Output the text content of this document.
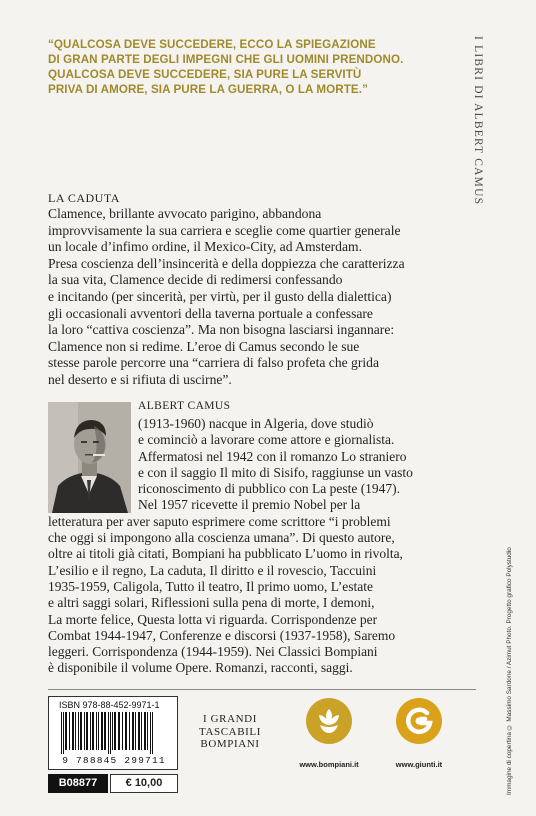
“QUALCOSA DEVE SUCCEDERE, ECCO LA SPIEGAZIONE
DI GRAN PARTE DEGLI IMPEGNI CHE GLI UOMINI PRENDONO.
QUALCOSA DEVE SUCCEDERE, SIA PURE LA SERVITÙ
PRIVA DI AMORE, SIA PURE LA GUERRA, O LA MORTE.”	I LIBRI DI ALBERT CAMUS
LA CADUTA
Clamence, brillante avvocato parigino, abbandona
improvvisamente la sua carriera e sceglie come quartier generale
un locale d’infimo ordine, il Mexico-City, ad Amsterdam.
Presa coscienza dell’insincerità e della doppiezza che caratterizza
la sua vita, Clamence decide di redimersi confessando
e incitando (per sincerità, per virtù, per il gusto della dialettica)
gli occasionali avventori della taverna portuale a confessare
la loro “cattiva coscienza”. Ma non bisogna lasciarsi ingannare:
Clamence non si redime. L’eroe di Camus secondo le sue
stesse parole percorre una “carriera di falso profeta che grida
nel deserto e si rifiuta di uscirne”.
ALBERT CAMUS
(1913-1960) nacque in Algeria, dove studiò
e cominciò a lavorare come attore e giornalista.
Affermatosi nel 1942 con il romanzo Lo straniero
e con il saggio Il mito di Sisifo, raggiunse un vasto
riconoscimento di pubblico con La peste (1947).
Nel 1957 ricevette il premio Nobel per la
letteratura per aver saputo esprimere come scrittore “i problemi
che oggi si impongono alla coscienza umana”. Di questo autore,
oltre ai titoli già citati, Bompiani ha pubblicato L’uomo in rivolta,
L’esilio e il regno, La caduta, Il diritto e il rovescio, Taccuini
1935-1959, Caligola, Tutto il teatro, Il primo uomo, L’estate
e altri saggi solari, Riflessioni sulla pena di morte, I demoni,
La morte felice, Questa lotta vi riguarda. Corrispondenze per
Combat 1944-1947, Conferenze e discorsi (1937-1958), Saremo
leggeri. Corrispondenza (1944-1959). Nei Classici Bompiani
è disponibile il volume Opere. Romanzi, racconti, saggi.
ISBN 978-88-452-9971-1
9 788845 299711
B08877	€ 10,00
I GRANDI
TASCABILI
BOMPIANI
www.bompiani.it	www.giunti.it	Immagine di copertina © Massimo Sardone / Azimut Photo. Progetto grafico Polystudio
